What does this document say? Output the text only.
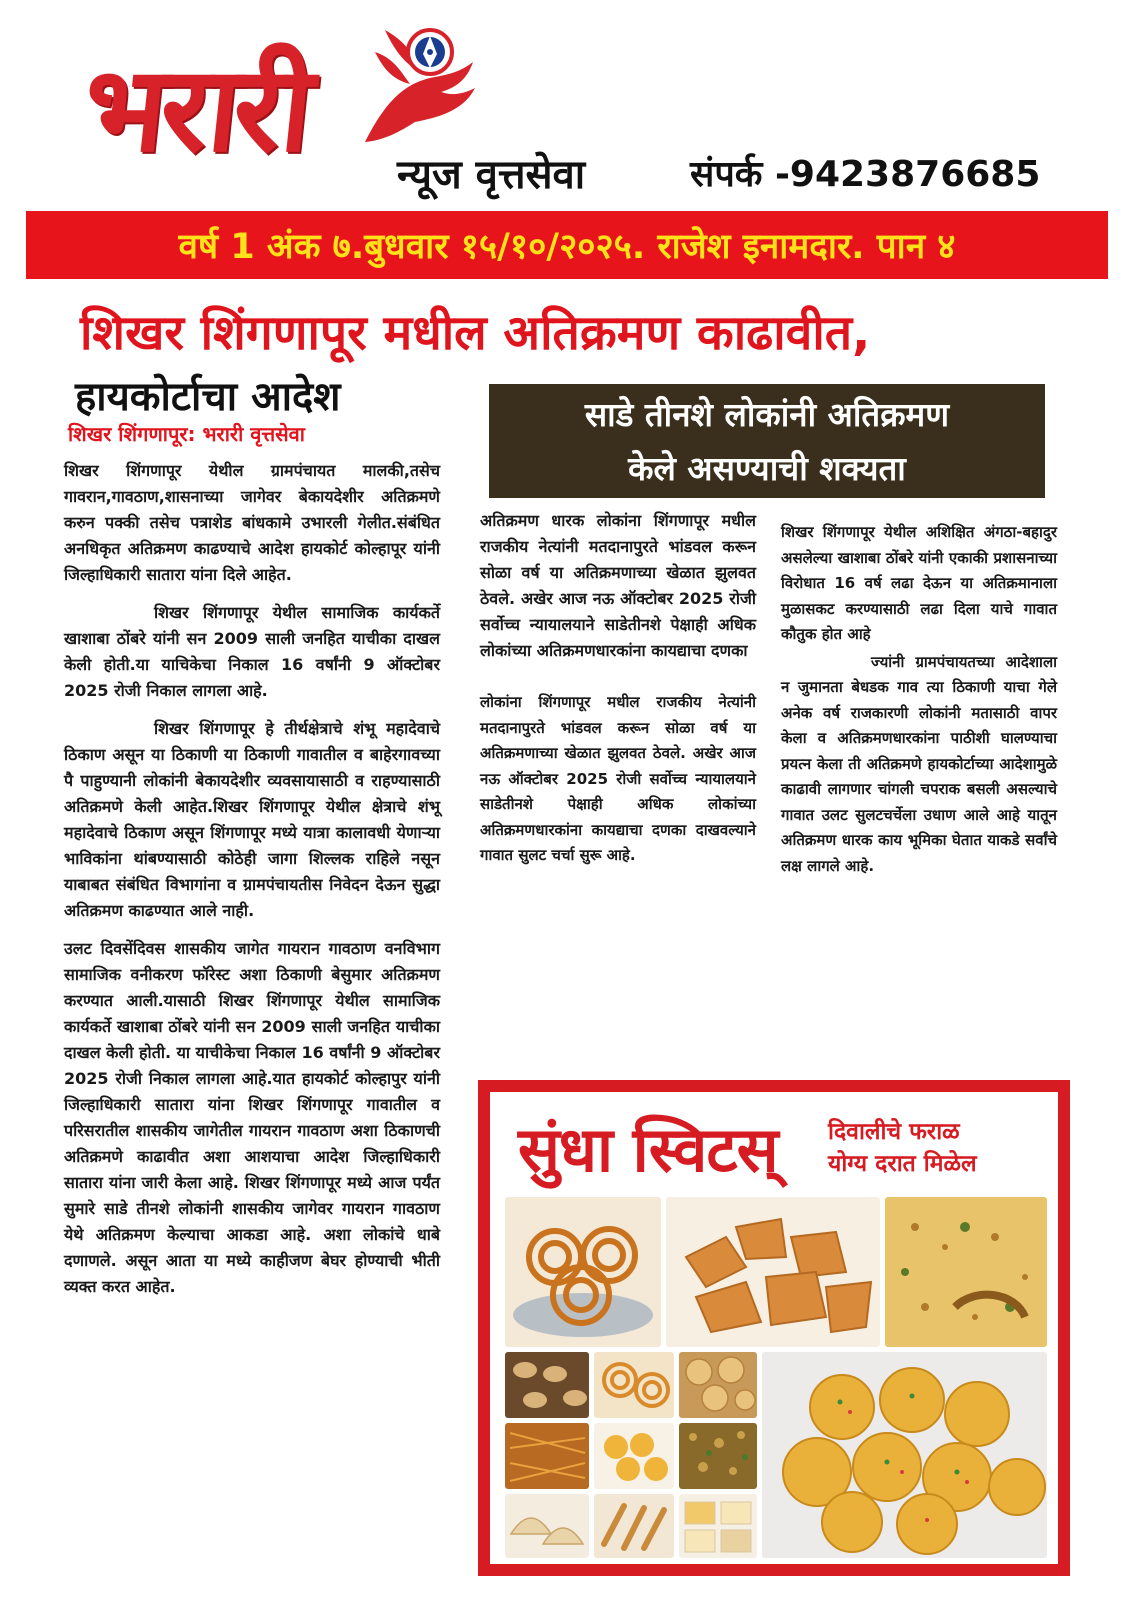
भरारी न्यूज वृत्तसेवा	संपर्क -9423876685
वर्ष 1 अंक ७.बुधवार १५/१०/२०२५. राजेश इनामदार. पान ४
शिखर शिंगणापूर मधील अतिक्रमण काढावीत,
हायकोर्टाचा आदेश
शिखर शिंगणापूर: भरारी वृत्तसेवा	साडे तीनशे लोकांनी अतिक्रमण
केले असण्याची शक्यता

शिखर शिंगणापूर येथील ग्रामपंचायत मालकी,तसेच गावरान,गावठाण,शासनाच्या जागेवर बेकायदेशीर अतिक्रमणे करुन पक्की तसेच पत्राशेड बांधकामे उभारली गेलीत.संबंधित अनधिकृत अतिक्रमण काढण्याचे आदेश हायकोर्ट कोल्हापूर यांनी जिल्हाधिकारी सातारा यांना दिले आहेत.

शिखर शिंगणापूर येथील सामाजिक कार्यकर्ते खाशाबा ठोंबरे यांनी सन 2009 साली जनहित याचीका दाखल केली होती.या याचिकेचा निकाल 16 वर्षांनी 9 ऑक्टोबर 2025 रोजी निकाल लागला आहे.

शिखर शिंगणापूर हे तीर्थक्षेत्राचे शंभू महादेवाचे ठिकाण असून या ठिकाणी या ठिकाणी गावातील व बाहेरगावच्या पै पाहुण्यानी लोकांनी बेकायदेशीर व्यवसायासाठी व राहण्यासाठी अतिक्रमणे केली आहेत.शिखर शिंगणापूर येथील क्षेत्राचे शंभू महादेवाचे ठिकाण असून शिंगणापूर मध्ये यात्रा कालावधी येणाऱ्या भाविकांना थांबण्यासाठी कोठेही जागा शिल्लक राहिले नसून याबाबत संबंधित विभागांना व ग्रामपंचायतीस निवेदन देऊन सुद्धा अतिक्रमण काढण्यात आले नाही.

उलट दिवसेंदिवस शासकीय जागेत गायरान गावठाण वनविभाग सामाजिक वनीकरण फॉरेस्ट अशा ठिकाणी बेसुमार अतिक्रमण करण्यात आली.यासाठी शिखर शिंगणापूर येथील सामाजिक कार्यकर्ते खाशाबा ठोंबरे यांनी सन 2009 साली जनहित याचीका दाखल केली होती. या याचीकेचा निकाल 16 वर्षांनी 9 ऑक्टोबर 2025 रोजी निकाल लागला आहे.यात हायकोर्ट कोल्हापुर यांनी जिल्हाधिकारी सातारा यांना शिखर शिंगणापूर गावातील व परिसरातील शासकीय जागेतील गायरान गावठाण अशा ठिकाणची अतिक्रमणे काढावीत अशा आशयाचा आदेश जिल्हाधिकारी सातारा यांना जारी केला आहे. शिखर शिंगणापूर मध्ये आज पर्यंत सुमारे साडे तीनशे लोकांनी शासकीय जागेवर गायरान गावठाण येथे अतिक्रमण केल्याचा आकडा आहे. अशा लोकांचे धाबे दणाणले. असून आता या मध्ये काहीजण बेघर होण्याची भीती व्यक्त करत आहेत.

अतिक्रमण धारक लोकांना शिंगणापूर मधील राजकीय नेत्यांनी मतदानापुरते भांडवल करून सोळा वर्ष या अतिक्रमणाच्या खेळात झुलवत ठेवले. अखेर आज नऊ ऑक्टोबर 2025 रोजी सर्वोच्च न्यायालयाने साडेतीनशे पेक्षाही अधिक लोकांच्या अतिक्रमणधारकांना कायद्याचा दणका

लोकांना शिंगणापूर मधील राजकीय नेत्यांनी मतदानापुरते भांडवल करून सोळा वर्ष या अतिक्रमणाच्या खेळात झुलवत ठेवले. अखेर आज नऊ ऑक्टोबर 2025 रोजी सर्वोच्च न्यायालयाने साडेतीनशे पेक्षाही अधिक लोकांच्या अतिक्रमणधारकांना कायद्याचा दणका दाखवल्याने गावात सुलट चर्चा सुरू आहे.

शिखर शिंगणापूर येथील अशिक्षित अंगठा-बहादुर असलेल्या खाशाबा ठोंबरे यांनी एकाकी प्रशासनाच्या विरोधात 16 वर्ष लढा देऊन या अतिक्रमानाला मुळासकट करण्यासाठी लढा दिला याचे गावात कौतुक होत आहे

ज्यांनी ग्रामपंचायतच्या आदेशाला न जुमानता बेधडक गाव त्या ठिकाणी याचा गेले अनेक वर्ष राजकारणी लोकांनी मतासाठी वापर केला व अतिक्रमणधारकांना पाठीशी घालण्याचा प्रयत्न केला ती अतिक्रमणे हायकोर्टाच्या आदेशामुळे काढावी लागणार चांगली चपराक बसली असल्याचे गावात उलट सुलटचर्चेला उधाण आले आहे यातून अतिक्रमण धारक काय भूमिका घेतात याकडे सर्वांचे लक्ष लागले आहे.

सुंधा स्विटस् दिवालीचे फराळ
योग्य दरात मिळेल
